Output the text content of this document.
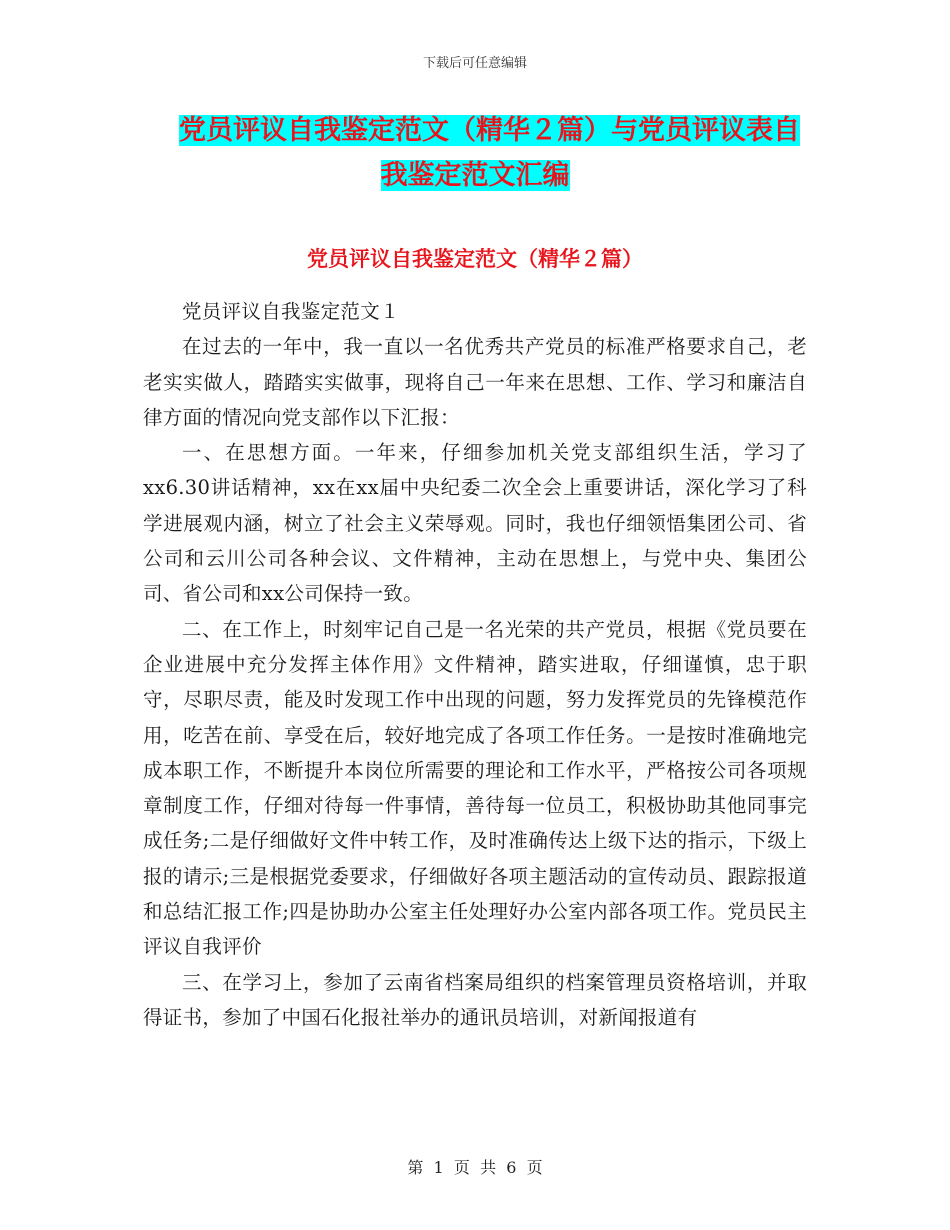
下载后可任意编辑
党员评议自我鉴定范文（精华２篇）与党员评议表自
我鉴定范文汇编
党员评议自我鉴定范文（精华２篇）

党员评议自我鉴定范文１

在过去的一年中，我一直以一名优秀共产党员的标准严格要求自己，老老实实做人，踏踏实实做事，现将自己一年来在思想、工作、学习和廉洁自律方面的情况向党支部作以下汇报：

一、在思想方面。一年来，仔细参加机关党支部组织生活，学习了xx6.30讲话精神，xx在xx届中央纪委二次全会上重要讲话，深化学习了科学进展观内涵，树立了社会主义荣辱观。同时，我也仔细领悟集团公司、省公司和云川公司各种会议、文件精神，主动在思想上，与党中央、集团公司、省公司和xx公司保持一致。

二、在工作上，时刻牢记自己是一名光荣的共产党员，根据《党员要在企业进展中充分发挥主体作用》文件精神，踏实进取，仔细谨慎，忠于职守，尽职尽责，能及时发现工作中出现的问题，努力发挥党员的先锋模范作用，吃苦在前、享受在后，较好地完成了各项工作任务。一是按时准确地完成本职工作，不断提升本岗位所需要的理论和工作水平，严格按公司各项规章制度工作，仔细对待每一件事情，善待每一位员工，积极协助其他同事完成任务;二是仔细做好文件中转工作，及时准确传达上级下达的指示，下级上报的请示;三是根据党委要求，仔细做好各项主题活动的宣传动员、跟踪报道和总结汇报工作;四是协助办公室主任处理好办公室内部各项工作。党员民主评议自我评价

三、在学习上，参加了云南省档案局组织的档案管理员资格培训，并取得证书，参加了中国石化报社举办的通讯员培训，对新闻报道有

第  1  页  共  6  页
